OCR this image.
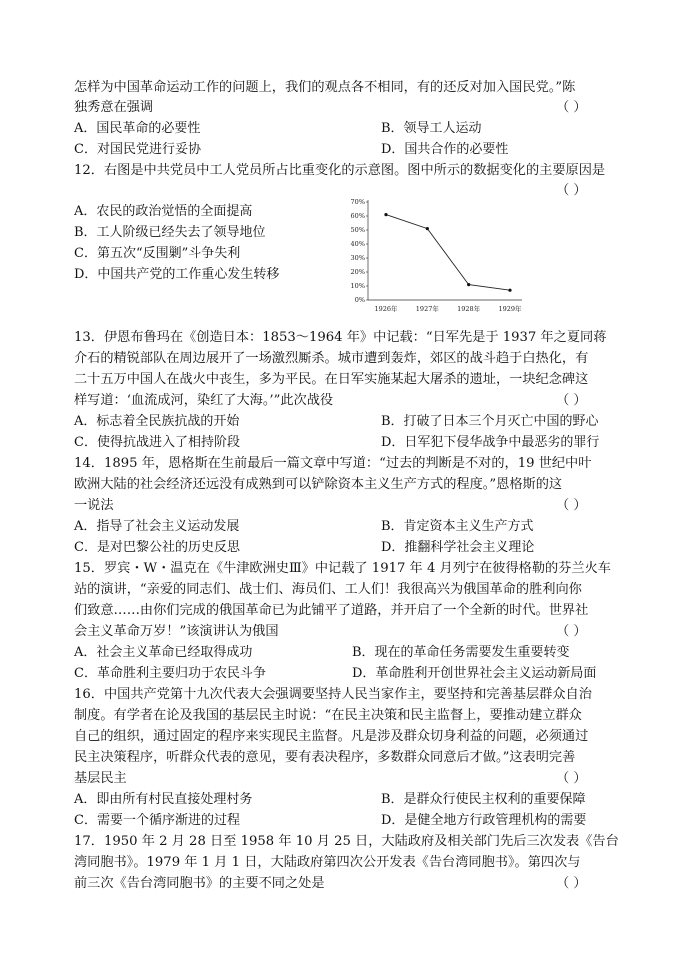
怎样为中国革命运动工作的问题上，我们的观点各不相同，有的还反对加入国民党。”陈
独秀意在强调	（ ）
A．国民革命的必要性	B．领导工人运动
C．对国民党进行妥协	D．国共合作的必要性
12．右图是中共党员中工人党员所占比重变化的示意图。图中所示的数据变化的主要原因是
（ ）
A．农民的政治觉悟的全面提高
B．工人阶级已经失去了领导地位
C．第五次“反围剿”斗争失利
D．中国共产党的工作重心发生转移
0%
10%
20%
30%
40%
50%
60%
70%
1926年	1927年	1928年	1929年
13．伊恩布鲁玛在《创造日本：1853～1964 年》中记载：“日军先是于 1937 年之夏同蒋
介石的精锐部队在周边展开了一场激烈厮杀。城市遭到轰炸，郊区的战斗趋于白热化，有
二十五万中国人在战火中丧生，多为平民。在日军实施某起大屠杀的遗址，一块纪念碑这
样写道：‘血流成河，染红了大海。’”此次战役	（ ）
A．标志着全民族抗战的开始	B．打破了日本三个月灭亡中国的野心
C．使得抗战进入了相持阶段	D．日军犯下侵华战争中最恶劣的罪行
14．1895 年，恩格斯在生前最后一篇文章中写道：“过去的判断是不对的，19 世纪中叶
欧洲大陆的社会经济还远没有成熟到可以铲除资本主义生产方式的程度。”恩格斯的这
一说法	（ ）
A．指导了社会主义运动发展	B．肯定资本主义生产方式
C．是对巴黎公社的历史反思	D．推翻科学社会主义理论
15．罗宾・W・温克在《牛津欧洲史Ⅲ》中记载了 1917 年 4 月列宁在彼得格勒的芬兰火车
站的演讲，“亲爱的同志们、战士们、海员们、工人们！我很高兴为俄国革命的胜利向你
们致意……由你们完成的俄国革命已为此铺平了道路，并开启了一个全新的时代。世界社
会主义革命万岁！”该演讲认为俄国	（ ）
A．社会主义革命已经取得成功	B．现在的革命任务需要发生重要转变
C．革命胜利主要归功于农民斗争	D．革命胜利开创世界社会主义运动新局面
16．中国共产党第十九次代表大会强调要坚持人民当家作主，要坚持和完善基层群众自治
制度。有学者在论及我国的基层民主时说：“在民主决策和民主监督上，要推动建立群众
自己的组织，通过固定的程序来实现民主监督。凡是涉及群众切身利益的问题，必须通过
民主决策程序，听群众代表的意见，要有表决程序，多数群众同意后才做。”这表明完善
基层民主	（ ）
A．即由所有村民直接处理村务	B．是群众行使民主权利的重要保障
C．需要一个循序渐进的过程	D．是健全地方行政管理机构的需要
17．1950 年 2 月 28 日至 1958 年 10 月 25 日，大陆政府及相关部门先后三次发表《告台
湾同胞书》。1979 年 1 月 1 日，大陆政府第四次公开发表《告台湾同胞书》。第四次与
前三次《告台湾同胞书》的主要不同之处是	（ ）
